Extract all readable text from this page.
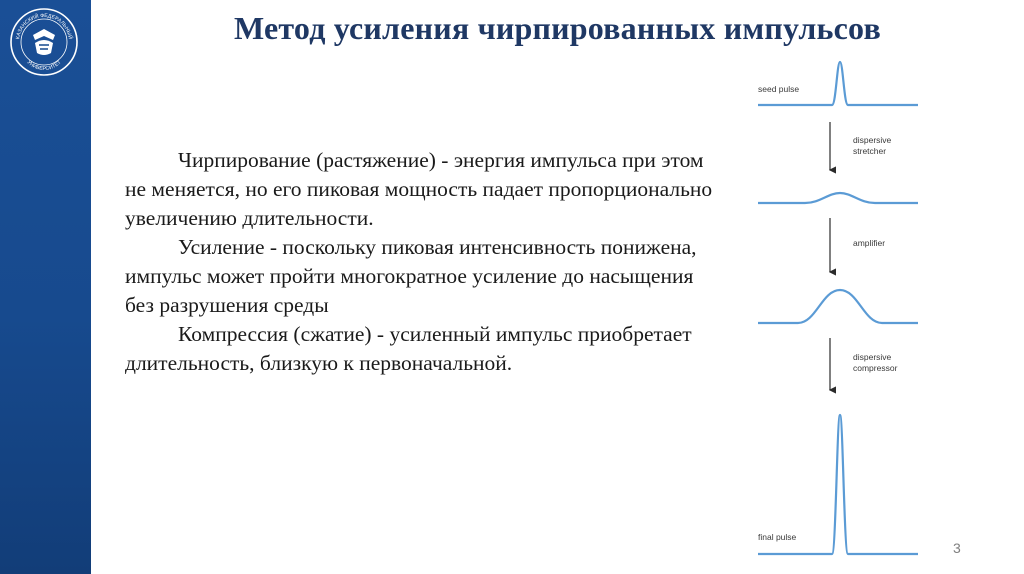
КАЗАНСКИЙ ФЕДЕРАЛЬНЫЙ
УНИВЕРСИТЕТ
Метод усиления чирпированных импульсов

Чирпирование (растяжение) - энергия импульса при этом не меняется, но его пиковая мощность падает пропорционально увеличению длительности.

Усиление - поскольку пиковая интенсивность понижена, импульс может пройти многократное усиление до насыщения без разрушения среды

Компрессия (сжатие) - усиленный импульс приобретает длительность, близкую к первоначальной.

seed pulse
dispersive
stretcher
amplifier
dispersive
compressor
final pulse
3
